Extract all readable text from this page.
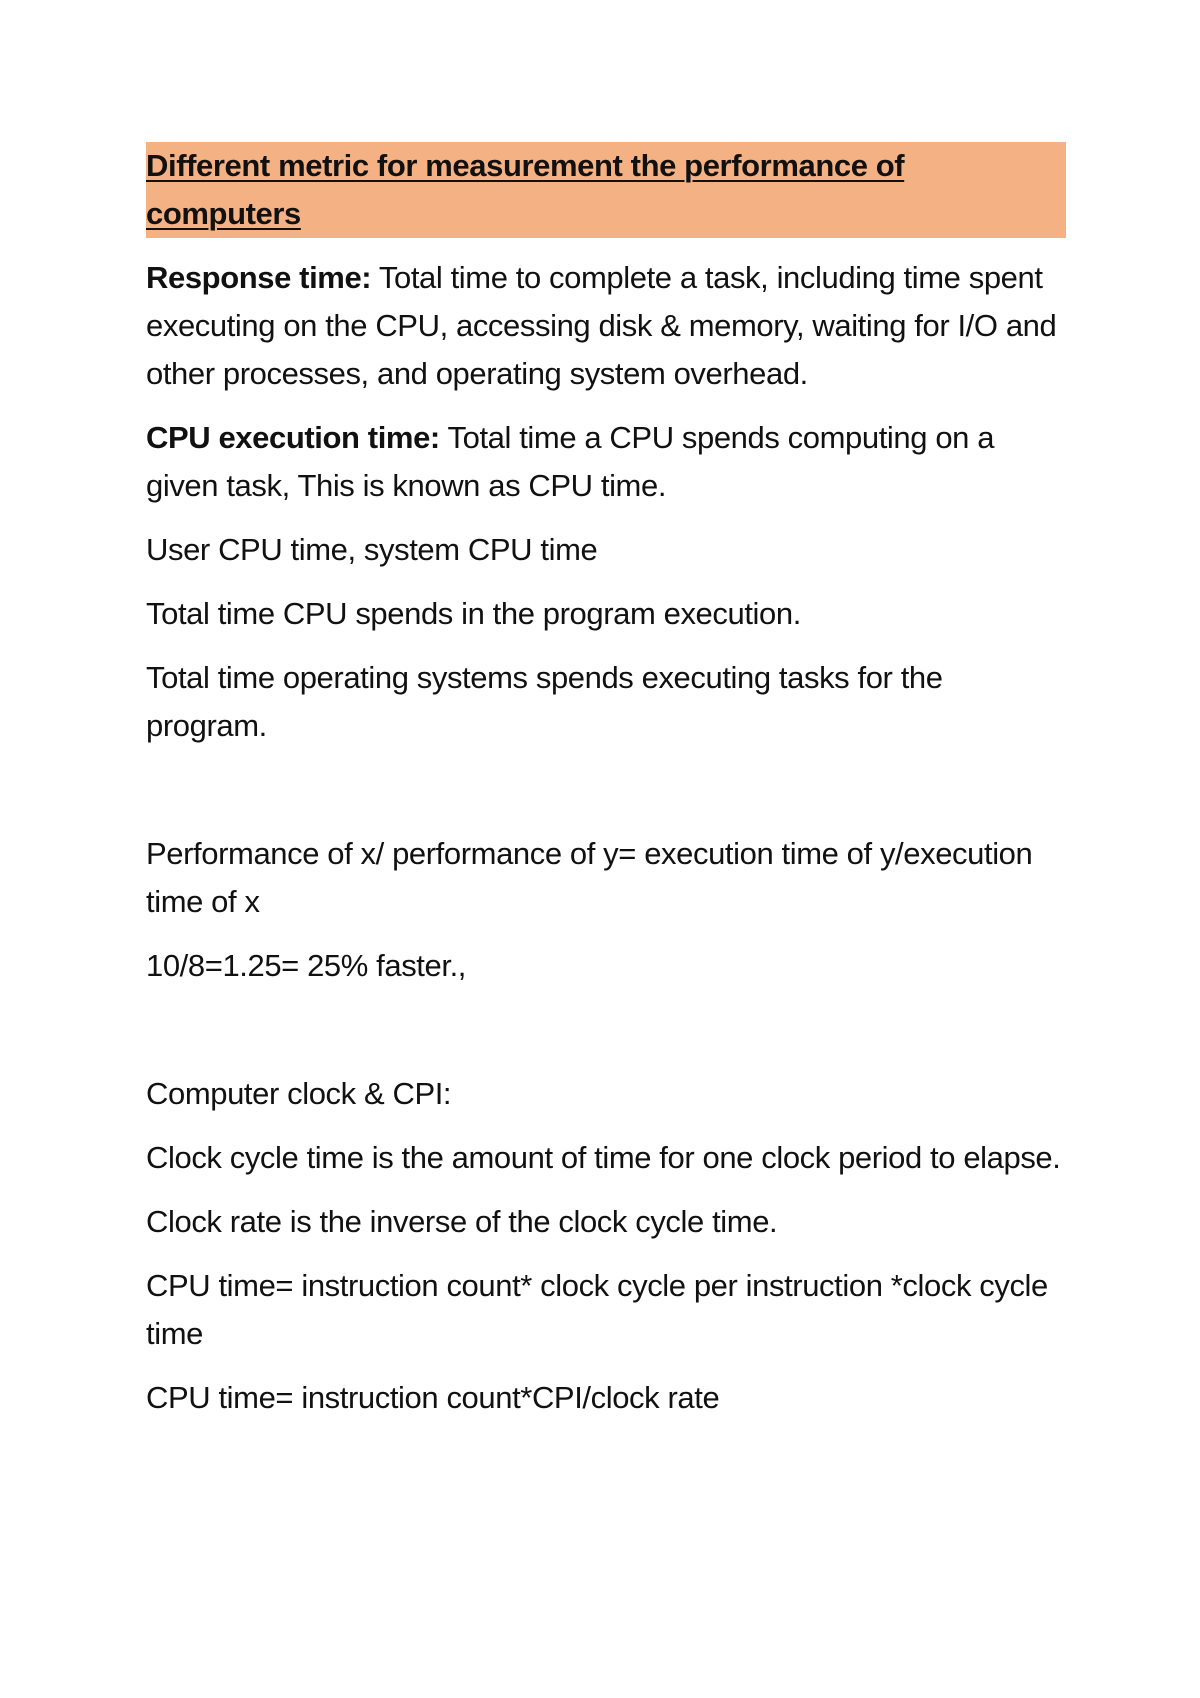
Different metric for measurement the performance of computers
Response time: Total time to complete a task, including time spent executing on the CPU, accessing disk & memory, waiting for I/O and other processes, and operating system overhead.
CPU execution time: Total time a CPU spends computing on a given task, This is known as CPU time.
User CPU time, system CPU time
Total time CPU spends in the program execution.
Total time operating systems spends executing tasks for the program.
Performance of x/ performance of y= execution time of y/execution time of x
10/8=1.25= 25% faster.,
Computer clock & CPI:
Clock cycle time is the amount of time for one clock period to elapse.
Clock rate is the inverse of the clock cycle time.
CPU time= instruction count* clock cycle per instruction *clock cycle time
CPU time= instruction count*CPI/clock rate
